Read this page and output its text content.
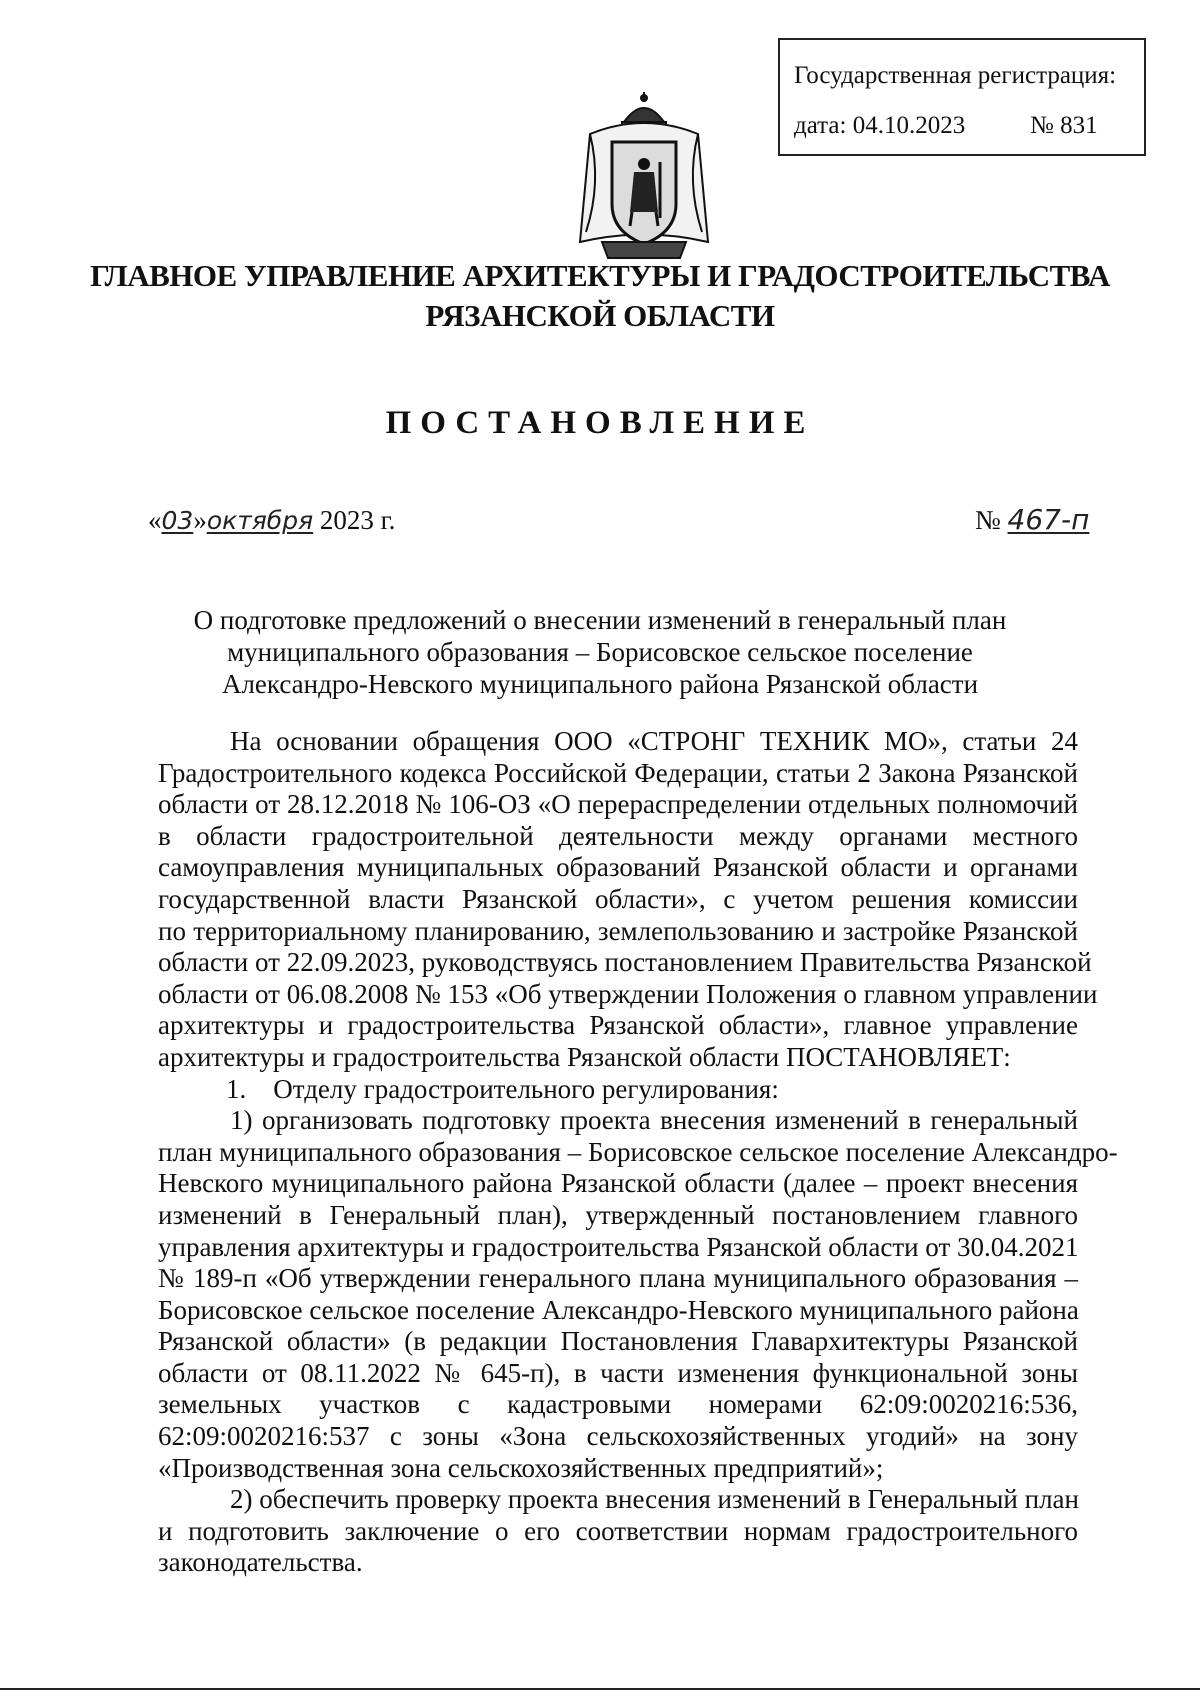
Государственная регистрация:
дата: 04.10.2023	№ 831
ГЛАВНОЕ УПРАВЛЕНИЕ АРХИТЕКТУРЫ И ГРАДОСТРОИТЕЛЬСТВА
РЯЗАНСКОЙ ОБЛАСТИ
ПОСТАНОВЛЕНИЕ
«03»октября 2023 г.	№ 467-п
О подготовке предложений о внесении изменений в генеральный план
муниципального образования – Борисовское сельское поселение
Александро-Невского муниципального района Рязанской области
На основании обращения ООО «СТРОНГ ТЕХНИК МО», статьи 24
Градостроительного кодекса Российской Федерации, статьи 2 Закона Рязанской
области от 28.12.2018 № 106-ОЗ «О перераспределении отдельных полномочий
в области градостроительной деятельности между органами местного
самоуправления муниципальных образований Рязанской области и органами
государственной власти Рязанской области», с учетом решения комиссии
по территориальному планированию, землепользованию и застройке Рязанской
области от 22.09.2023, руководствуясь постановлением Правительства Рязанской
области от 06.08.2008 № 153 «Об утверждении Положения о главном управлении
архитектуры и градостроительства Рязанской области», главное управление
архитектуры и градостроительства Рязанской области ПОСТАНОВЛЯЕТ:
1.    Отделу градостроительного регулирования:
1) организовать подготовку проекта внесения изменений в генеральный
план муниципального образования – Борисовское сельское поселение Александро-
Невского муниципального района Рязанской области (далее – проект внесения
изменений в Генеральный план), утвержденный постановлением главного
управления архитектуры и градостроительства Рязанской области от 30.04.2021
№ 189-п «Об утверждении генерального плана муниципального образования –
Борисовское сельское поселение Александро-Невского муниципального района
Рязанской области» (в редакции Постановления Главархитектуры Рязанской
области от 08.11.2022 № 645-п), в части изменения функциональной зоны
земельных участков с кадастровыми номерами 62:09:0020216:536,
62:09:0020216:537 с зоны «Зона сельскохозяйственных угодий» на зону
«Производственная зона сельскохозяйственных предприятий»;
2) обеспечить проверку проекта внесения изменений в Генеральный план
и подготовить заключение о его соответствии нормам градостроительного
законодательства.
